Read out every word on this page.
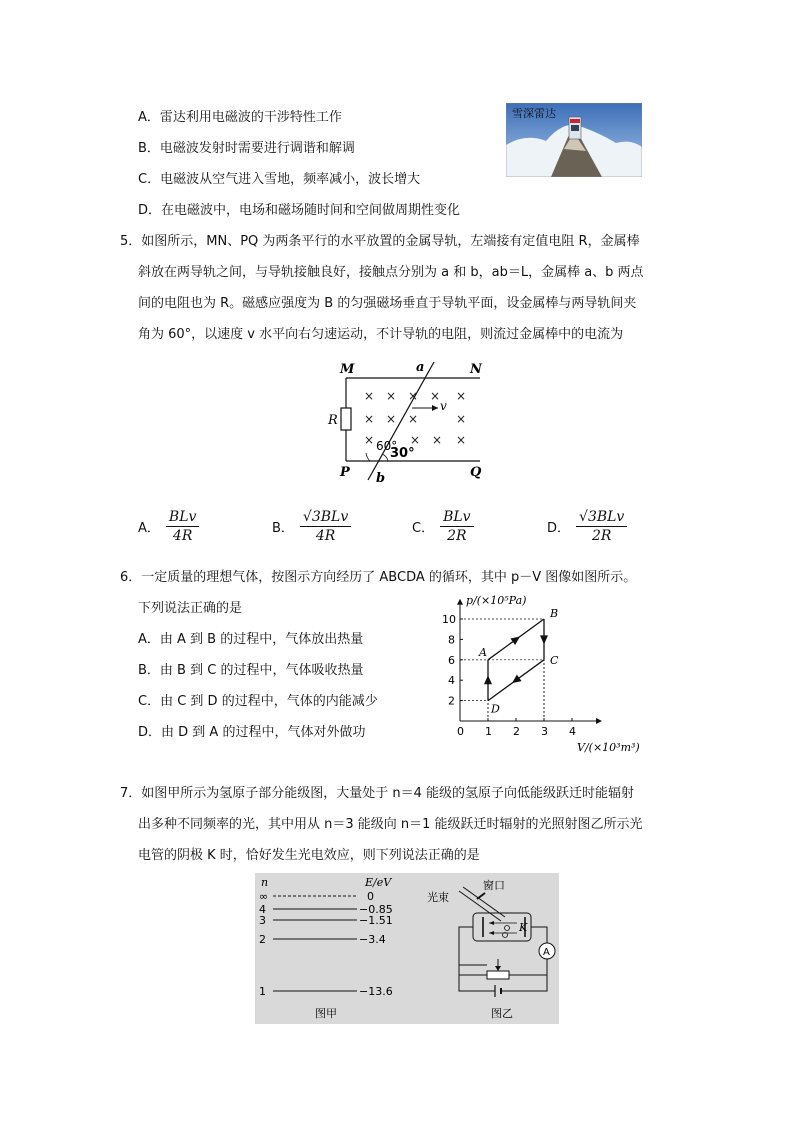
A．雷达利用电磁波的干涉特性工作
B．电磁波发射时需要进行调谐和解调
C．电磁波从空气进入雪地，频率减小，波长增大
D．在电磁波中，电场和磁场随时间和空间做周期性变化
雪深雷达
5．如图所示，MN、PQ 为两条平行的水平放置的金属导轨，左端接有定值电阻 R，金属棒
斜放在两导轨之间，与导轨接触良好，接触点分别为 a 和 b，ab＝L，金属棒 a、b 两点
间的电阻也为 R。磁感应强度为 B 的匀强磁场垂直于导轨平面，设金属棒与两导轨间夹
角为 60°，以速度 v 水平向右匀速运动，不计导轨的电阻，则流过金属棒中的电流为
R
M	N
P	Q
× × × × ×
× × ×	×
×	× × ×
a
b
v
60°
30°
A． $\frac{\text{BLv}}{4R}$	B． $\frac{\text{√3BLv}}{4R}$	C． $\frac{\text{BLv}}{2R}$	D． $\frac{\text{√3BLv}}{2R}$
6．一定质量的理想气体，按图示方向经历了 ABCDA 的循环，其中 p－V 图像如图所示。
下列说法正确的是
A．由 A 到 B 的过程中，气体放出热量
B．由 B 到 C 的过程中，气体吸收热量
C．由 C 到 D 的过程中，气体的内能减少
D．由 D 到 A 的过程中，气体对外做功	0 1 2 3 4
2
4
6
8
10
A
B
C
D
p/(×10⁵Pa)
V/(×10³m³)
7．如图甲所示为氢原子部分能级图，大量处于 n＝4 能级的氢原子向低能级跃迁时能辐射
出多种不同频率的光，其中用从 n＝3 能级向 n＝1 能级跃迁时辐射的光照射图乙所示光
电管的阴极 K 时，恰好发生光电效应，则下列说法正确的是
n	E/eV
∞	0
4	−0.85
3	−1.51
2	−3.4
1	−13.6
图甲
光束
窗口
K
A
图乙
